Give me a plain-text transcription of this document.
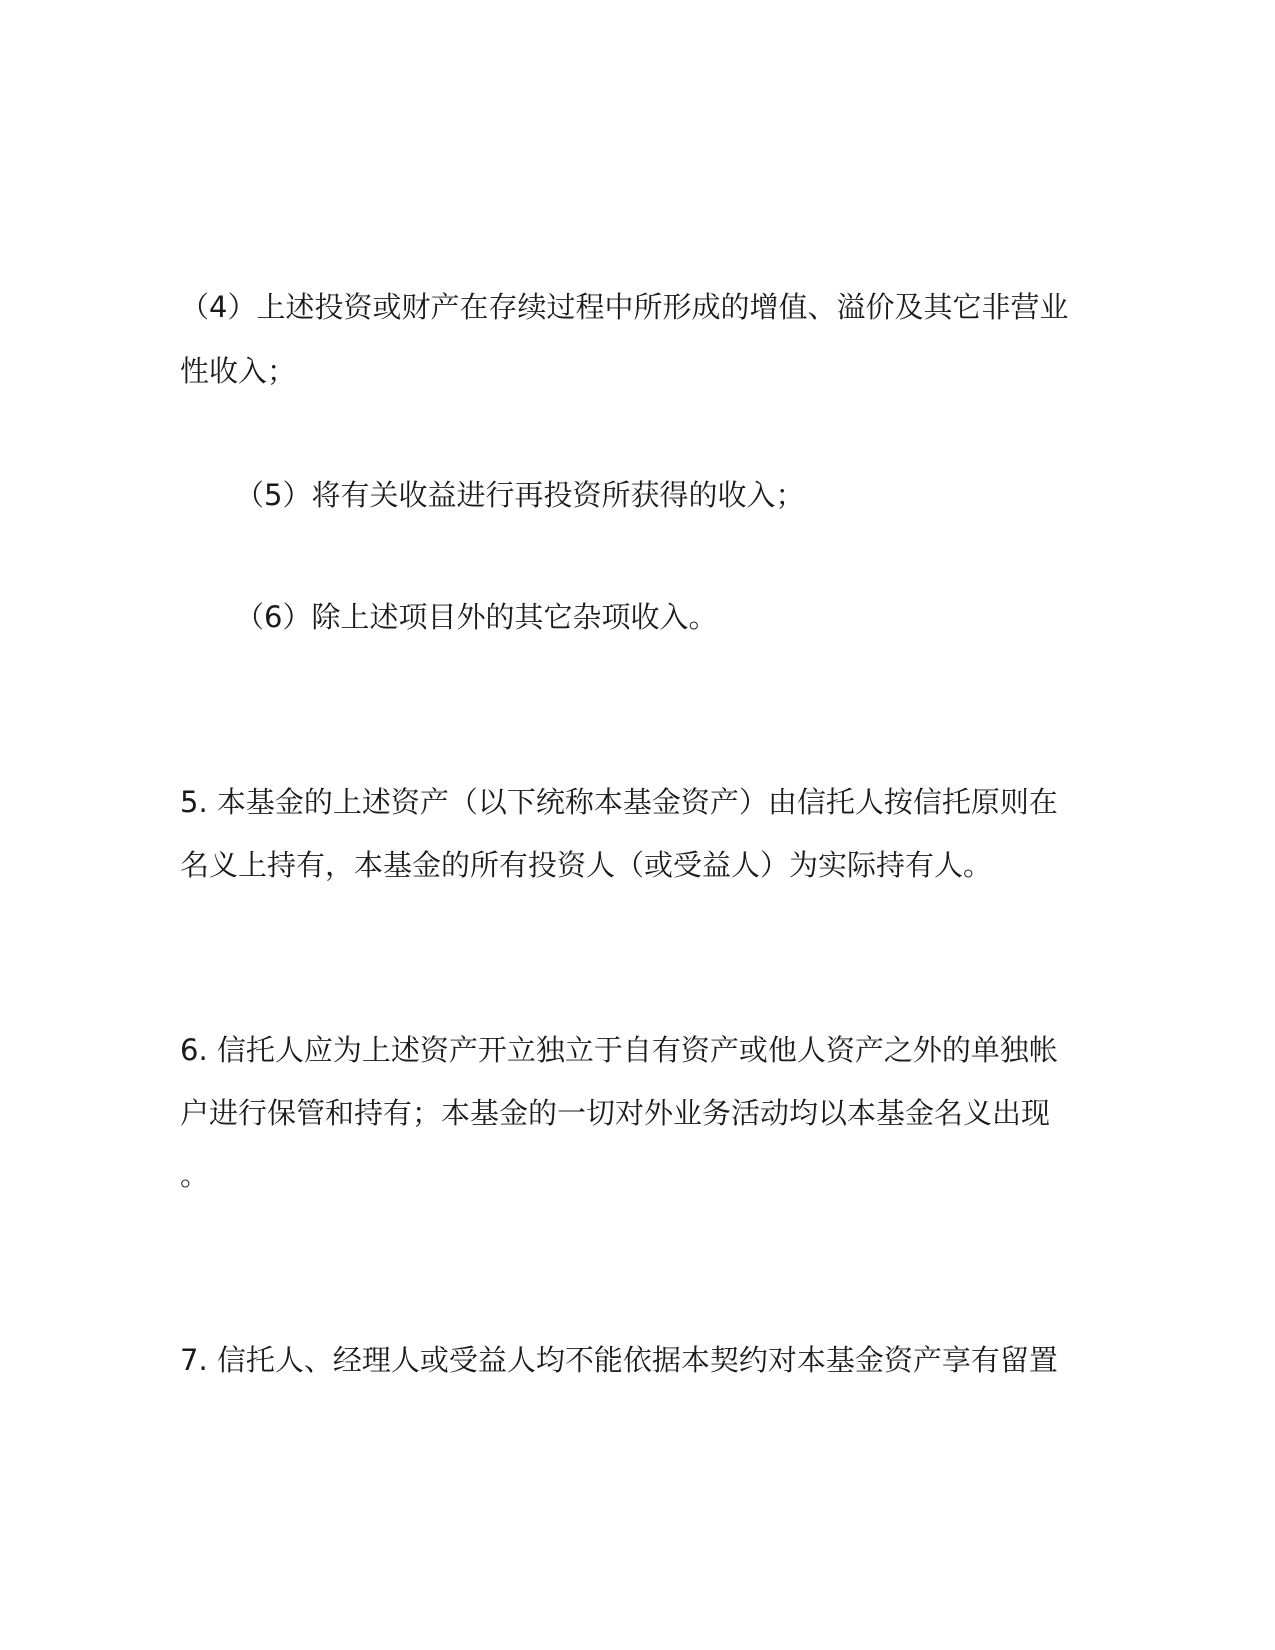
（4）上述投资或财产在存续过程中所形成的增值、溢价及其它非营业

性收入；

（5）将有关收益进行再投资所获得的收入；

（6）除上述项目外的其它杂项收入。

5. 本基金的上述资产（以下统称本基金资产）由信托人按信托原则在

名义上持有，本基金的所有投资人（或受益人）为实际持有人。

6. 信托人应为上述资产开立独立于自有资产或他人资产之外的单独帐

户进行保管和持有；本基金的一切对外业务活动均以本基金名义出现

。

7. 信托人、经理人或受益人均不能依据本契约对本基金资产享有留置
